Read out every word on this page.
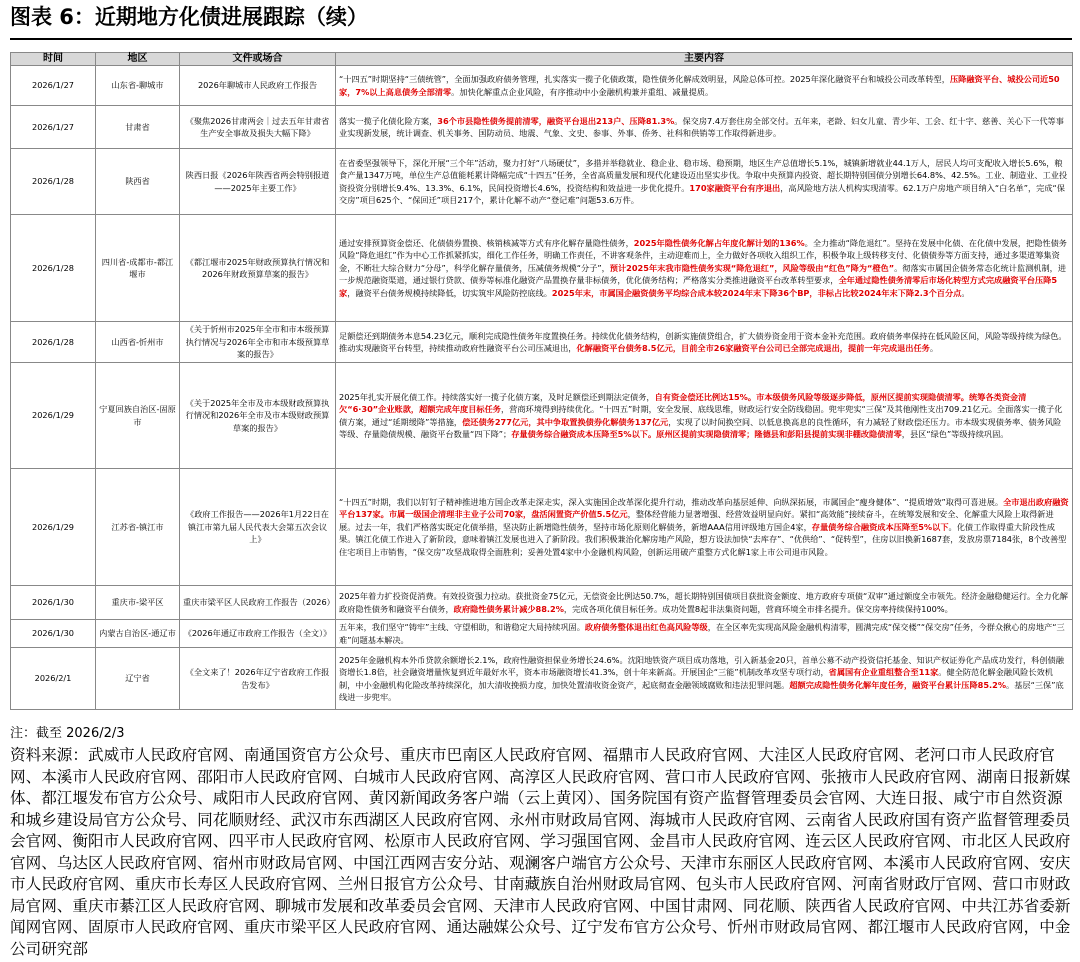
图表 6：近期地方化债进展跟踪（续）
时间	地区	文件或场合	主要内容
2026/1/27	山东省-聊城市	2026年聊城市人民政府工作报告	“十四五”时期坚持“三债统管”，全面加强政府债务管理，扎实落实一揽子化债政策，隐性债务化解成效明显，风险总体可控。2025年深化融资平台和城投公司改革转型，压降融资平台、城投公司近50家，7%以上高息债务全部清零。加快化解重点企业风险，有序推动中小金融机构兼并重组、减量提质。
2026/1/27	甘肃省	《聚焦2026甘肃两会｜过去五年甘肃省生产安全事故及损失大幅下降》	落实一揽子化债化险方案，36个市县隐性债务提前清零，融资平台退出213户、压降81.3%。保交房7.4万套住房全部交付。五年来，老龄、妇女儿童、青少年、工会、红十字、慈善、关心下一代等事业实现新发展，统计调查、机关事务、国防动员、地震、气象、文史、参事、外事、侨务、社科和供销等工作取得新进步。
2026/1/28	陕西省	陕西日报《2026年陕西省两会特别报道——2025年主要工作》	在省委坚强领导下，深化开展“三个年”活动，聚力打好“八场硬仗”，多措并举稳就业、稳企业、稳市场、稳预期，地区生产总值增长5.1%，城镇新增就业44.1万人，居民人均可支配收入增长5.6%，粮食产量1347万吨，单位生产总值能耗累计降幅完成“十四五”任务，全省高质量发展和现代化建设迈出坚实步伐。争取中央预算内投资、超长期特别国债分别增长64.8%、42.5%。工业、制造业、工业投资投资分别增长9.4%、13.3%、6.1%，民间投资增长4.6%，投资结构和效益进一步优化提升。170家融资平台有序退出，高风险地方法人机构实现清零。62.1万户房地产项目纳入“白名单”，完成“保交房”项目625个、“保回迁”项目217个，累计化解不动产“登记难”问题53.6万件。
2026/1/28	四川省-成都市-都江堰市	《都江堰市2025年财政预算执行情况和2026年财政预算草案的报告》	通过安排预算资金偿还、化债债券置换、核销核减等方式有序化解存量隐性债务，2025年隐性债务化解占年度化解计划的136%。全力推动“降危退红”。坚持在发展中化债、在化债中发展，把隐性债务风险“降危退红”作为中心工作抓紧抓实，细化工作任务，明确工作责任，不讲客观条件，主动迎难而上，全力做好各项收入组织工作，积极争取上级转移支付、化债债券等方面支持，通过多渠道筹集资金，不断壮大综合财力“分母”，科学化解存量债务，压减债务规模“分子”，预计2025年末我市隐性债务实现“降危退红”，风险等级由“红色”降为“橙色”。彻落实市属国企债务常态化统计监测机制，进一步规范融资渠道，通过银行贷款、债券等标准化融资产品置换存量非标债务，优化债务结构；严格落实分类推进融资平台改革转型要求，全年通过隐性债务清零后市场化转型方式完成融资平台压降5家，融资平台债务规模持续降低，切实筑牢风险防控底线。2025年末，市属国企融资债务平均综合成本较2024年末下降36个BP，非标占比较2024年末下降2.3个百分点。
2026/1/28	山西省-忻州市	《关于忻州市2025年全市和市本级预算执行情况与2026年全市和市本级预算草案的报告》	足额偿还到期债务本息54.23亿元，顺利完成隐性债务年度置换任务。持续优化债务结构，创新实施债贷组合，扩大债券资金用于资本金补充范围。政府债务率保持在低风险区间，风险等级持续为绿色。推动实现融资平台转型，持续推动政府性融资平台公司压减退出，化解融资平台债务8.5亿元，目前全市26家融资平台公司已全部完成退出，提前一年完成退出任务。
2026/1/29	宁夏回族自治区-固原市	《关于2025年全市及市本级财政预算执行情况和2026年全市及市本级财政预算草案的报告》	2025年扎实开展化债工作。持续落实好一揽子化债方案，及时足额偿还到期法定债务，自有资金偿还比例达15%。市本级债务风险等级逐步降低，原州区提前实现隐债清零。统筹各类资金清欠“6·30”企业账款，超额完成年度目标任务，营商环境得到持续优化。“十四五”时期，安全发展、底线思维，财政运行安全防线稳固。兜牢兜实“三保”及其他刚性支出709.21亿元。全面落实一揽子化债方案，通过“延期缓降”等措施，偿还债务277亿元，其中争取置换债券化解债务137亿元，实现了以时间换空间、以低息换高息的良性循环，有力减轻了财政偿还压力。市本级实现债务率、债务风险等级、存量隐债规模、融资平台数量“四下降”；存量债务综合融资成本压降至5%以下。原州区提前实现隐债清零；隆德县和彭阳县提前实现非棚改隐债清零，县区“绿色”等级持续巩固。
2026/1/29	江苏省-镇江市	《政府工作报告——2026年1月22日在镇江市第九届人民代表大会第五次会议上》	“十四五”时期，我们以钉钉子精神推进地方国企改革走深走实，深入实施国企改革深化提升行动，推动改革向基层延伸、向纵深拓展，市属国企“瘦身健体”、“提质增效”取得可喜进展。全市退出政府融资平台137家。市属一级国企清理非主业子公司70家，盘活闲置资产价值5.5亿元，整体经营能力显著增强、经营效益明显向好。紧扣“高效能”接续奋斗，在统筹发展和安全、化解重大风险上取得新进展。过去一年，我们严格落实既定化债举措，坚决防止新增隐性债务，坚持市场化原则化解债务，新增AAA信用评级地方国企4家，存量债务综合融资成本压降至5%以下。化债工作取得重大阶段性成果。镇江化债工作进入了新阶段，意味着镇江发展也进入了新阶段。我们积极兼治化解房地产风险，想方设法加快“去库存”、“优供给”、“促转型”，住房以旧换新1687套，发放房票7184张，8个改善型住宅项目上市销售，“保交房”攻坚战取得全面胜利；妥善处置4家中小金融机构风险，创新运用破产重整方式化解1家上市公司退市风险。
2026/1/30	重庆市-梁平区	重庆市梁平区人民政府工作报告（2026）	2025年着力扩投资促消费。有效投资强力拉动。获批资金75亿元，无偿资金比例达50.7%，超长期特别国债项目获批资金额度、地方政府专项债“双审”通过额度全市领先。经济金融稳健运行。全力化解政府隐性债务和融资平台债务，政府隐性债务累计减少88.2%，完成各项化债目标任务。成功处置8起非法集资问题，营商环境全市排名提升。保交房率持续保持100%。
2026/1/30	内蒙古自治区-通辽市	《2026年通辽市政府工作报告（全文）》	五年来，我们坚守“铸牢”主线、守望相助，和谐稳定大局持续巩固。政府债务整体退出红色高风险等级，在全区率先实现高风险金融机构清零，圆满完成“保交楼”“保交房”任务，今群众揪心的房地产“三难”问题基本解决。
2026/2/1	辽宁省	《全文来了！2026年辽宁省政府工作报告发布》	2025年金融机构本外币贷款余额增长2.1%，政府性融资担保业务增长24.6%。沈阳地铁资产项目成功落地，引入新基金20只，首单公募不动产投资信托基金、知识产权证券化产品成功发行，科创债融资增长1.8倍，社会融资增量恢复到近年最好水平，资本市场融资增长41.3%，创十年来新高。开展国企“三能”机制改革攻坚专项行动，省属国有企业重组整合至11家。健全防范化解金融风险长效机制，中小金融机构化险改革持续深化，加大清收挽损力度，加快处置清收资金资产，起底彻查金融领域腐败和违法犯罪问题。超额完成隐性债务化解年度任务，融资平台累计压降85.2%。基层“三保”底线进一步兜牢。
注：截至 2026/2/3
资料来源：武威市人民政府官网、南通国资官方公众号、重庆市巴南区人民政府官网、福鼎市人民政府官网、大洼区人民政府官网、老河口市人民政府官网、本溪市人民政府官网、邵阳市人民政府官网、白城市人民政府官网、高淳区人民政府官网、营口市人民政府官网、张掖市人民政府官网、湖南日报新媒体、都江堰发布官方公众号、咸阳市人民政府官网、黄冈新闻政务客户端（云上黄冈）、国务院国有资产监督管理委员会官网、大连日报、咸宁市自然资源和城乡建设局官方公众号、同花顺财经、武汉市东西湖区人民政府官网、永州市财政局官网、海城市人民政府官网、云南省人民政府国有资产监督管理委员会官网、衡阳市人民政府官网、四平市人民政府官网、松原市人民政府官网、学习强国官网、金昌市人民政府官网、连云区人民政府官网、市北区人民政府官网、乌达区人民政府官网、宿州市财政局官网、中国江西网吉安分站、观澜客户端官方公众号、天津市东丽区人民政府官网、本溪市人民政府官网、安庆市人民政府官网、重庆市长寿区人民政府官网、兰州日报官方公众号、甘南藏族自治州财政局官网、包头市人民政府官网、河南省财政厅官网、营口市财政局官网、重庆市綦江区人民政府官网、聊城市发展和改革委员会官网、天津市人民政府官网、中国甘肃网、同花顺、陕西省人民政府官网、中共江苏省委新闻网官网、固原市人民政府官网、重庆市梁平区人民政府官网、通达融媒公众号、辽宁发布官方公众号、忻州市财政局官网、都江堰市人民政府官网，中金公司研究部
